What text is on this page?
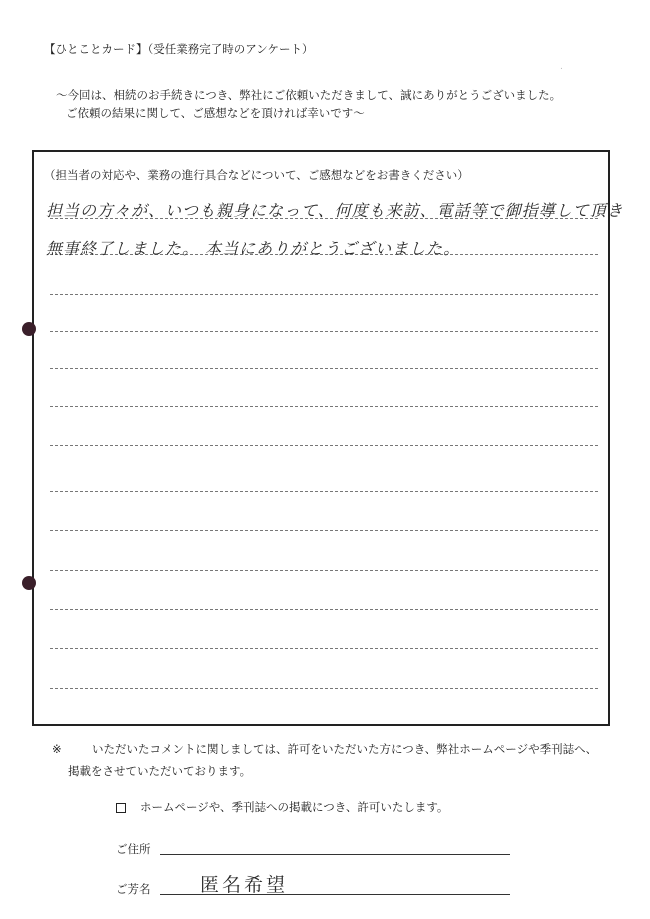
【ひとことカード】（受任業務完了時のアンケート）
～今回は、相続のお手続きにつき、弊社にご依頼いただきまして、誠にありがとうございました。
ご依頼の結果に関して、ご感想などを頂ければ幸いです～
.
（担当者の対応や、業務の進行具合などについて、ご感想などをお書きください）
担当の方々が、いつも親身になって、何度も来訪、電話等で御指導して頂き
無事終了しました。 本当にありがとうございました。
※	いただいたコメントに関しましては、許可をいただいた方につき、弊社ホームページや季刊誌へ、
掲載をさせていただいております。
ホームページや、季刊誌への掲載につき、許可いたします。
ご住所
ご芳名	匿名希望
